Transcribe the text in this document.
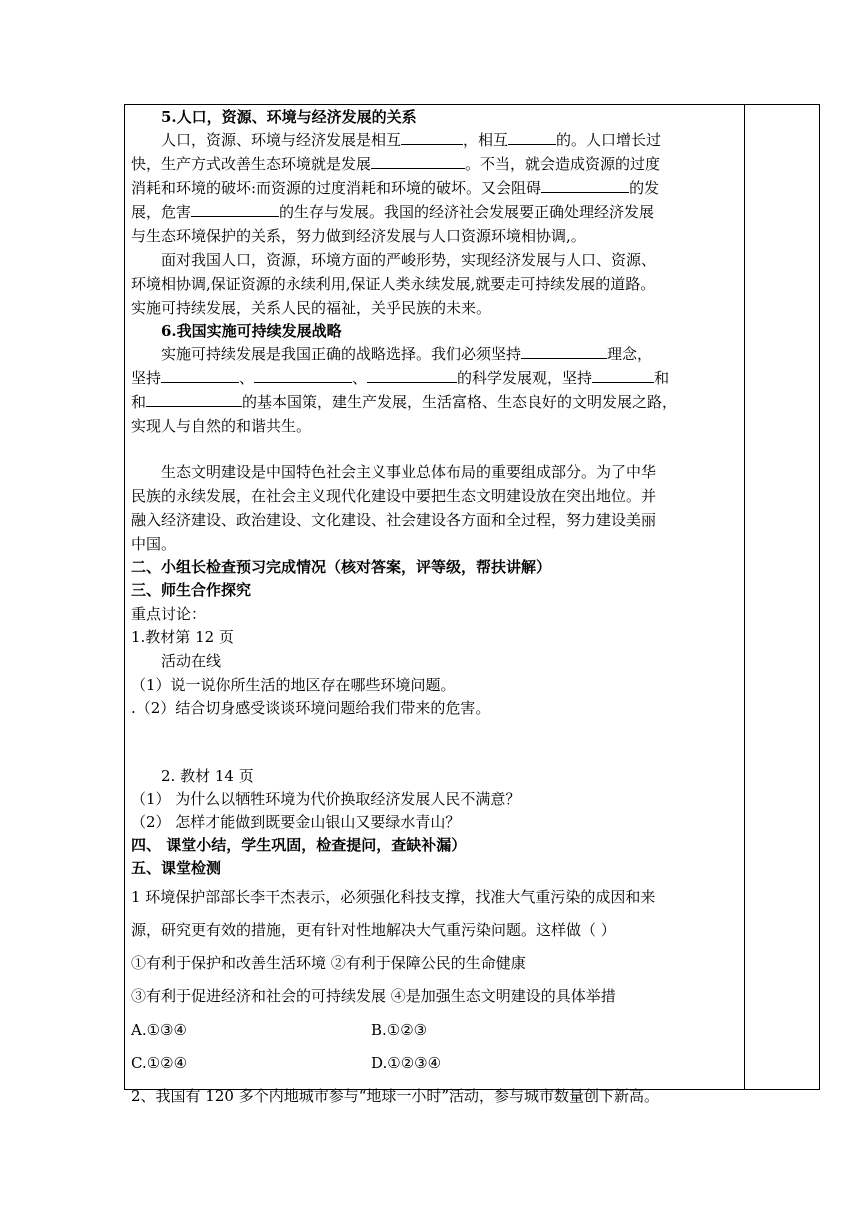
5.人口，资源、环境与经济发展的关系
人口，资源、环境与经济发展是相互	，相互	的。人口增长过
快，生产方式改善生态环境就是发展	。不当，就会造成资源的过度
消耗和环境的破坏:而资源的过度消耗和环境的破坏。又会阻碍	的发
展，危害	的生存与发展。我国的经济社会发展要正确处理经济发展
与生态环境保护的关系，努力做到经济发展与人口资源环境相协调,。
面对我国人口，资源，环境方面的严峻形势，实现经济发展与人口、资源、
环境相协调,保证资源的永续利用,保证人类永续发展,就要走可持续发展的道路。
实施可持续发展，关系人民的福祉，关乎民族的未来。
6.我国实施可持续发展战略
实施可持续发展是我国正确的战略选择。我们必须坚持	理念，
坚持	、	、	的科学发展观，坚持	和
和	的基本国策，建生产发展，生活富格、生态良好的文明发展之路，
实现人与自然的和谐共生。
生态文明建设是中国特色社会主义事业总体布局的重要组成部分。为了中华
民族的永续发展，在社会主义现代化建设中要把生态文明建设放在突出地位。并
融入经济建设、政治建设、文化建设、社会建设各方面和全过程，努力建设美丽
中国。
二、小组长检查预习完成情况（核对答案，评等级，帮扶讲解）
三、师生合作探究
重点讨论：
1.教材第 12 页
活动在线
（1）说一说你所生活的地区存在哪些环境问题。
.（2）结合切身感受谈谈环境问题给我们带来的危害。
2. 教材 14 页
（1） 为什么以牺牲环境为代价换取经济发展人民不满意？
（2） 怎样才能做到既要金山银山又要绿水青山？
四、 课堂小结，学生巩固，检查提问，查缺补漏）
五、课堂检测
1 环境保护部部长李干杰表示，必须强化科技支撑，找准大气重污染的成因和来
源，研究更有效的措施，更有针对性地解决大气重污染问题。这样做（ ）
①有利于保护和改善生活环境 ②有利于保障公民的生命健康
③有利于促进经济和社会的可持续发展 ④是加强生态文明建设的具体举措
A.①③④	B.①②③
C.①②④	D.①②③④
2、我国有 120 多个内地城市参与“地球一小时”活动，参与城市数量创下新高。
